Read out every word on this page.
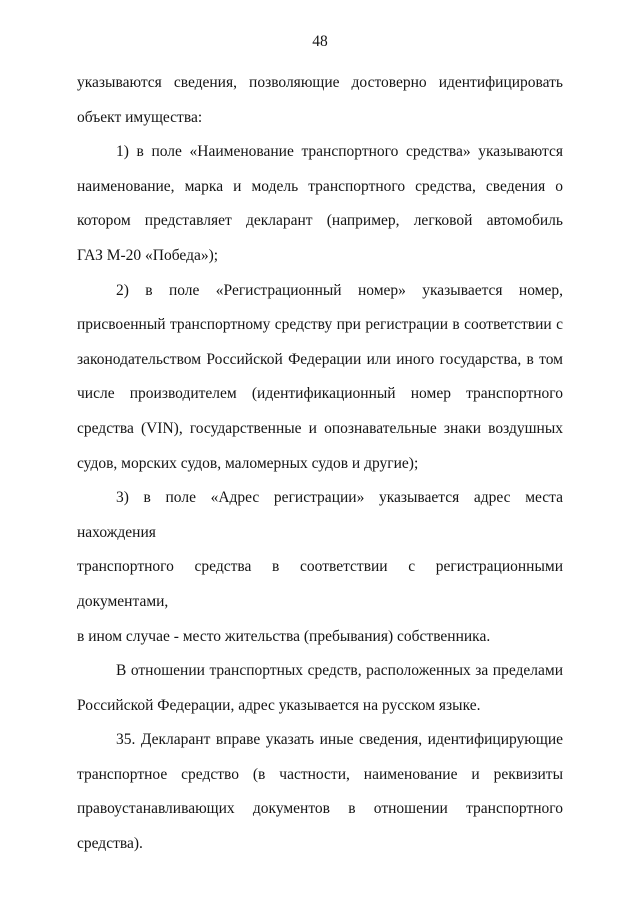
48

указываются сведения, позволяющие достоверно идентифицировать

объект имущества:

1) в поле «Наименование транспортного средства» указываются

наименование, марка и модель транспортного средства, сведения о

котором представляет декларант (например, легковой автомобиль

ГАЗ М-20 «Победа»);

2) в поле «Регистрационный номер» указывается номер,

присвоенный транспортному средству при регистрации в соответствии с

законодательством Российской Федерации или иного государства, в том

числе производителем (идентификационный номер транспортного

средства (VIN), государственные и опознавательные знаки воздушных

судов, морских судов, маломерных судов и другие);

3) в поле «Адрес регистрации» указывается адрес места нахождения

транспортного средства в соответствии с регистрационными документами,

в ином случае - место жительства (пребывания) собственника.

В отношении транспортных средств, расположенных за пределами

Российской Федерации, адрес указывается на русском языке.

35. Декларант вправе указать иные сведения, идентифицирующие

транспортное средство (в частности, наименование и реквизиты

правоустанавливающих документов в отношении транспортного средства).
